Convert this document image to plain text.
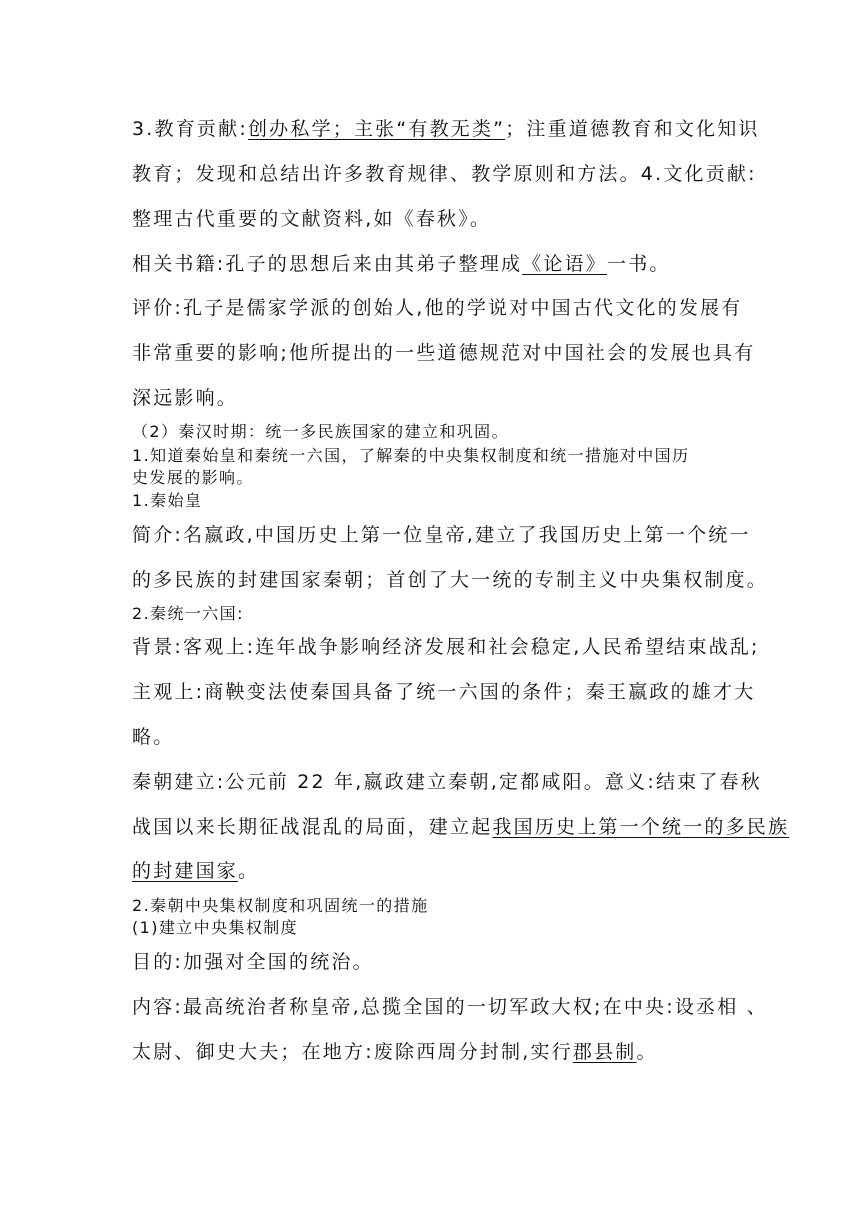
3.教育贡献:创办私学；主张“有教无类”；注重道德教育和文化知识

教育；发现和总结出许多教育规律、教学原则和方法。4.文化贡献:

整理古代重要的文献资料,如《春秋》。

相关书籍:孔子的思想后来由其弟子整理成《论语》一书。

评价:孔子是儒家学派的创始人,他的学说对中国古代文化的发展有

非常重要的影响;他所提出的一些道德规范对中国社会的发展也具有

深远影响。

（2）秦汉时期：统一多民族国家的建立和巩固。

1.知道秦始皇和秦统一六国，了解秦的中央集权制度和统一措施对中国历

史发展的影响。

1.秦始皇

简介:名嬴政,中国历史上第一位皇帝,建立了我国历史上第一个统一

的多民族的封建国家秦朝；首创了大一统的专制主义中央集权制度。

2.秦统一六国:

背景:客观上:连年战争影响经济发展和社会稳定,人民希望结束战乱;

主观上:商鞅变法使秦国具备了统一六国的条件；秦王嬴政的雄才大

略。

秦朝建立:公元前 22 年,嬴政建立秦朝,定都咸阳。意义:结束了春秋

战国以来长期征战混乱的局面，建立起我国历史上第一个统一的多民族

的封建国家。

2.秦朝中央集权制度和巩固统一的措施

(1)建立中央集权制度

目的:加强对全国的统治。

内容:最高统治者称皇帝,总揽全国的一切军政大权;在中央:设丞相 、

太尉、御史大夫；在地方:废除西周分封制,实行郡县制。
